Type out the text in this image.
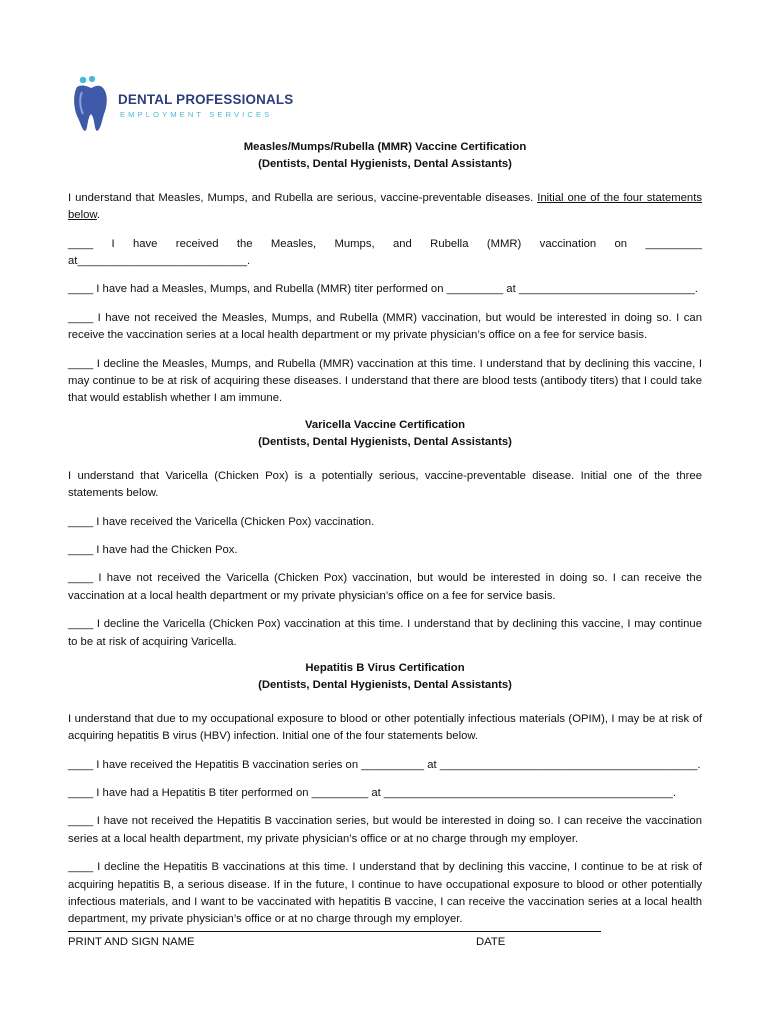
DENTAL PROFESSIONALS
EMPLOYMENT SERVICES

Measles/Mumps/Rubella (MMR) Vaccine Certification

(Dentists, Dental Hygienists, Dental Assistants)

I understand that Measles, Mumps, and Rubella are serious, vaccine-preventable diseases. Initial one of the four statements below.

____ I have received the Measles, Mumps, and Rubella (MMR) vaccination on _________ at___________________________.

____ I have had a Measles, Mumps, and Rubella (MMR) titer performed on _________ at ____________________________.

____ I have not received the Measles, Mumps, and Rubella (MMR) vaccination, but would be interested in doing so. I can receive the vaccination series at a local health department or my private physician’s office on a fee for service basis.

____ I decline the Measles, Mumps, and Rubella (MMR) vaccination at this time. I understand that by declining this vaccine, I may continue to be at risk of acquiring these diseases. I understand that there are blood tests (antibody titers) that I could take that would establish whether I am immune.

Varicella Vaccine Certification

(Dentists, Dental Hygienists, Dental Assistants)

I understand that Varicella (Chicken Pox) is a potentially serious, vaccine-preventable disease. Initial one of the three statements below.

____ I have received the Varicella (Chicken Pox) vaccination.

____ I have had the Chicken Pox.

____ I have not received the Varicella (Chicken Pox) vaccination, but would be interested in doing so. I can receive the vaccination at a local health department or my private physician’s office on a fee for service basis.

____ I decline the Varicella (Chicken Pox) vaccination at this time. I understand that by declining this vaccine, I may continue to be at risk of acquiring Varicella.

Hepatitis B Virus Certification

(Dentists, Dental Hygienists, Dental Assistants)

I understand that due to my occupational exposure to blood or other potentially infectious materials (OPIM), I may be at risk of acquiring hepatitis B virus (HBV) infection. Initial one of the four statements below.

____ I have received the Hepatitis B vaccination series on __________ at _________________________________________.

____ I have had a Hepatitis B titer performed on _________ at ______________________________________________.

____ I have not received the Hepatitis B vaccination series, but would be interested in doing so. I can receive the vaccination series at a local health department, my private physician’s office or at no charge through my employer.

____ I decline the Hepatitis B vaccinations at this time. I understand that by declining this vaccine, I continue to be at risk of acquiring hepatitis B, a serious disease. If in the future, I continue to have occupational exposure to blood or other potentially infectious materials, and I want to be vaccinated with hepatitis B vaccine, I can receive the vaccination series at a local health department, my private physician’s office or at no charge through my employer.

PRINT AND SIGN NAME	DATE
